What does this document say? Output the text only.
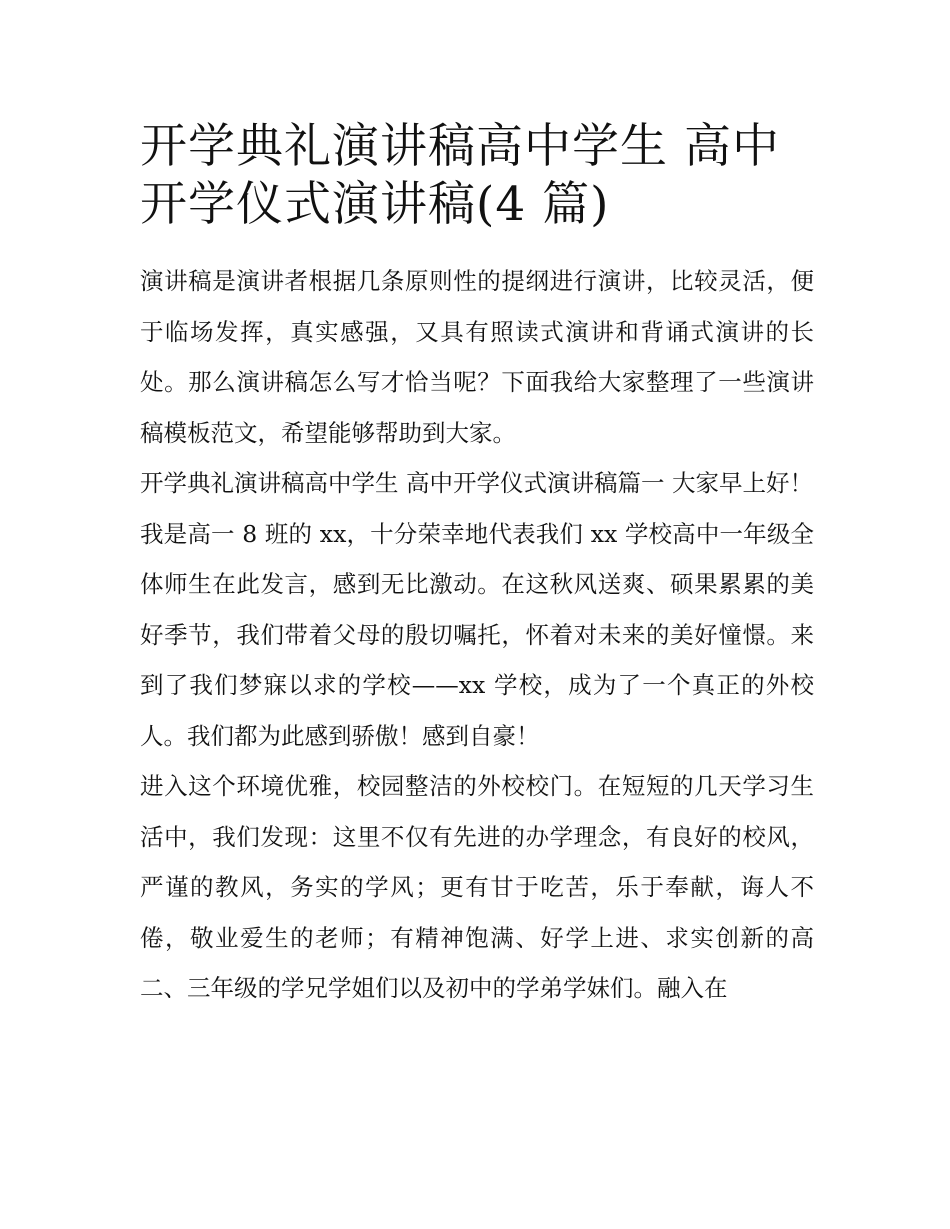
开学典礼演讲稿高中学生 高中开学仪式演讲稿(4 篇)

演讲稿是演讲者根据几条原则性的提纲进行演讲，比较灵活，便于临场发挥，真实感强，又具有照读式演讲和背诵式演讲的长处。那么演讲稿怎么写才恰当呢？下面我给大家整理了一些演讲稿模板范文，希望能够帮助到大家。

开学典礼演讲稿高中学生 高中开学仪式演讲稿篇一 大家早上好！

我是高一 8 班的 xx，十分荣幸地代表我们 xx 学校高中一年级全体师生在此发言，感到无比激动。在这秋风送爽、硕果累累的美好季节，我们带着父母的殷切嘱托，怀着对未来的美好憧憬。来到了我们梦寐以求的学校——xx 学校，成为了一个真正的外校人。我们都为此感到骄傲！感到自豪！

进入这个环境优雅，校园整洁的外校校门。在短短的几天学习生活中，我们发现：这里不仅有先进的办学理念，有良好的校风，严谨的教风，务实的学风；更有甘于吃苦，乐于奉献，诲人不倦，敬业爱生的老师；有精神饱满、好学上进、求实创新的高二、三年级的学兄学姐们以及初中的学弟学妹们。融入在
